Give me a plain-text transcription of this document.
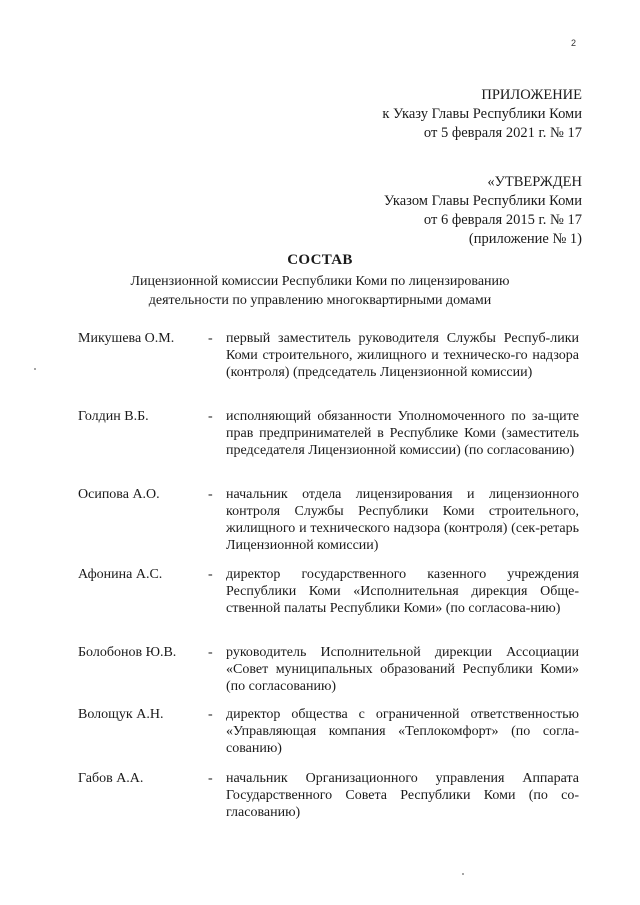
2
ПРИЛОЖЕНИЕ
к Указу Главы Республики Коми
от 5 февраля 2021 г. № 17
«УТВЕРЖДЕН
Указом Главы Республики Коми
от 6 февраля 2015 г. № 17
(приложение № 1)
СОСТАВ
Лицензионной комиссии Республики Коми по лицензированию
деятельности по управлению многоквартирными домами
Микушева О.М. - первый заместитель руководителя Службы Респуб-лики Коми строительного, жилищного и техническо-го надзора (контроля) (председатель Лицензионной комиссии)
Голдин В.Б.	- исполняющий обязанности Уполномоченного по за-щите прав предпринимателей в Республике Коми (заместитель председателя Лицензионной комиссии) (по согласованию)
Осипова А.О.	- начальник отдела лицензирования и лицензионного контроля Службы Республики Коми строительного, жилищного и технического надзора (контроля) (сек-ретарь Лицензионной комиссии)
Афонина А.С.	- директор государственного казенного учреждения Республики Коми «Исполнительная дирекция Обще-ственной палаты Республики Коми» (по согласова-нию)
Болобонов Ю.В. - руководитель Исполнительной дирекции Ассоциации «Совет муниципальных образований Республики Коми» (по согласованию)
Волощук А.Н.	- директор общества с ограниченной ответственностью «Управляющая компания «Теплокомфорт» (по согла-сованию)
Габов А.А.	- начальник Организационного управления Аппарата Государственного Совета Республики Коми (по со-гласованию)
